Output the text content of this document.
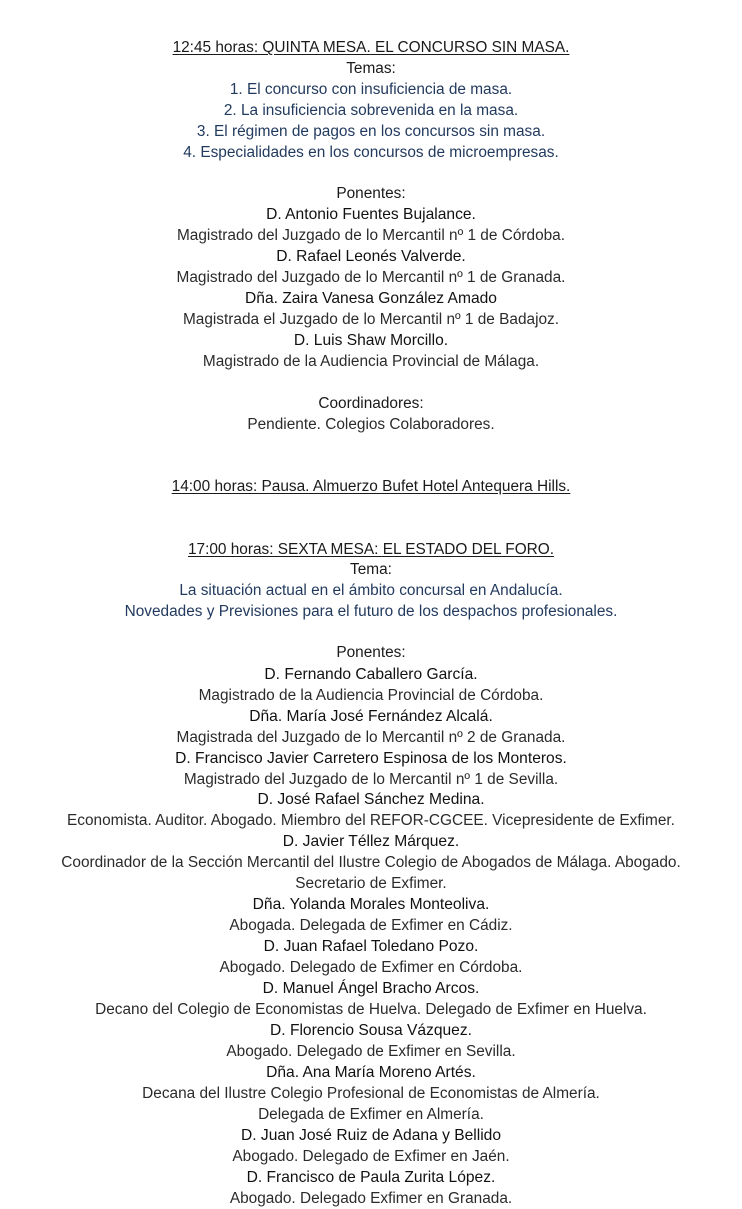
12:45 horas: QUINTA MESA. EL CONCURSO SIN MASA.
Temas:
1. El concurso con insuficiencia de masa.
2. La insuficiencia sobrevenida en la masa.
3. El régimen de pagos en los concursos sin masa.
4. Especialidades en los concursos de microempresas.
Ponentes:
D. Antonio Fuentes Bujalance.
Magistrado del Juzgado de lo Mercantil nº 1 de Córdoba.
D. Rafael Leonés Valverde.
Magistrado del Juzgado de lo Mercantil nº 1 de Granada.
Dña. Zaira Vanesa González Amado
Magistrada el Juzgado de lo Mercantil nº 1 de Badajoz.
D. Luis Shaw Morcillo.
Magistrado de la Audiencia Provincial de Málaga.
Coordinadores:
Pendiente. Colegios Colaboradores.
14:00 horas: Pausa. Almuerzo Bufet Hotel Antequera Hills.
17:00 horas: SEXTA MESA: EL ESTADO DEL FORO.
Tema:
La situación actual en el ámbito concursal en Andalucía.
Novedades y Previsiones para el futuro de los despachos profesionales.
Ponentes:
D. Fernando Caballero García.
Magistrado de la Audiencia Provincial de Córdoba.
Dña. María José Fernández Alcalá.
Magistrada del Juzgado de lo Mercantil nº 2 de Granada.
D. Francisco Javier Carretero Espinosa de los Monteros.
Magistrado del Juzgado de lo Mercantil nº 1 de Sevilla.
D. José Rafael Sánchez Medina.
Economista. Auditor. Abogado. Miembro del REFOR-CGCEE. Vicepresidente de Exfimer.
D. Javier Téllez Márquez.
Coordinador de la Sección Mercantil del Ilustre Colegio de Abogados de Málaga. Abogado.
Secretario de Exfimer.
Dña. Yolanda Morales Monteoliva.
Abogada. Delegada de Exfimer en Cádiz.
D. Juan Rafael Toledano Pozo.
Abogado. Delegado de Exfimer en Córdoba.
D. Manuel Ángel Bracho Arcos.
Decano del Colegio de Economistas de Huelva. Delegado de Exfimer en Huelva.
D. Florencio Sousa Vázquez.
Abogado. Delegado de Exfimer en Sevilla.
Dña. Ana María Moreno Artés.
Decana del Ilustre Colegio Profesional de Economistas de Almería.
Delegada de Exfimer en Almería.
D. Juan José Ruiz de Adana y Bellido
Abogado. Delegado de Exfimer en Jaén.
D. Francisco de Paula Zurita López.
Abogado. Delegado Exfimer en Granada.
